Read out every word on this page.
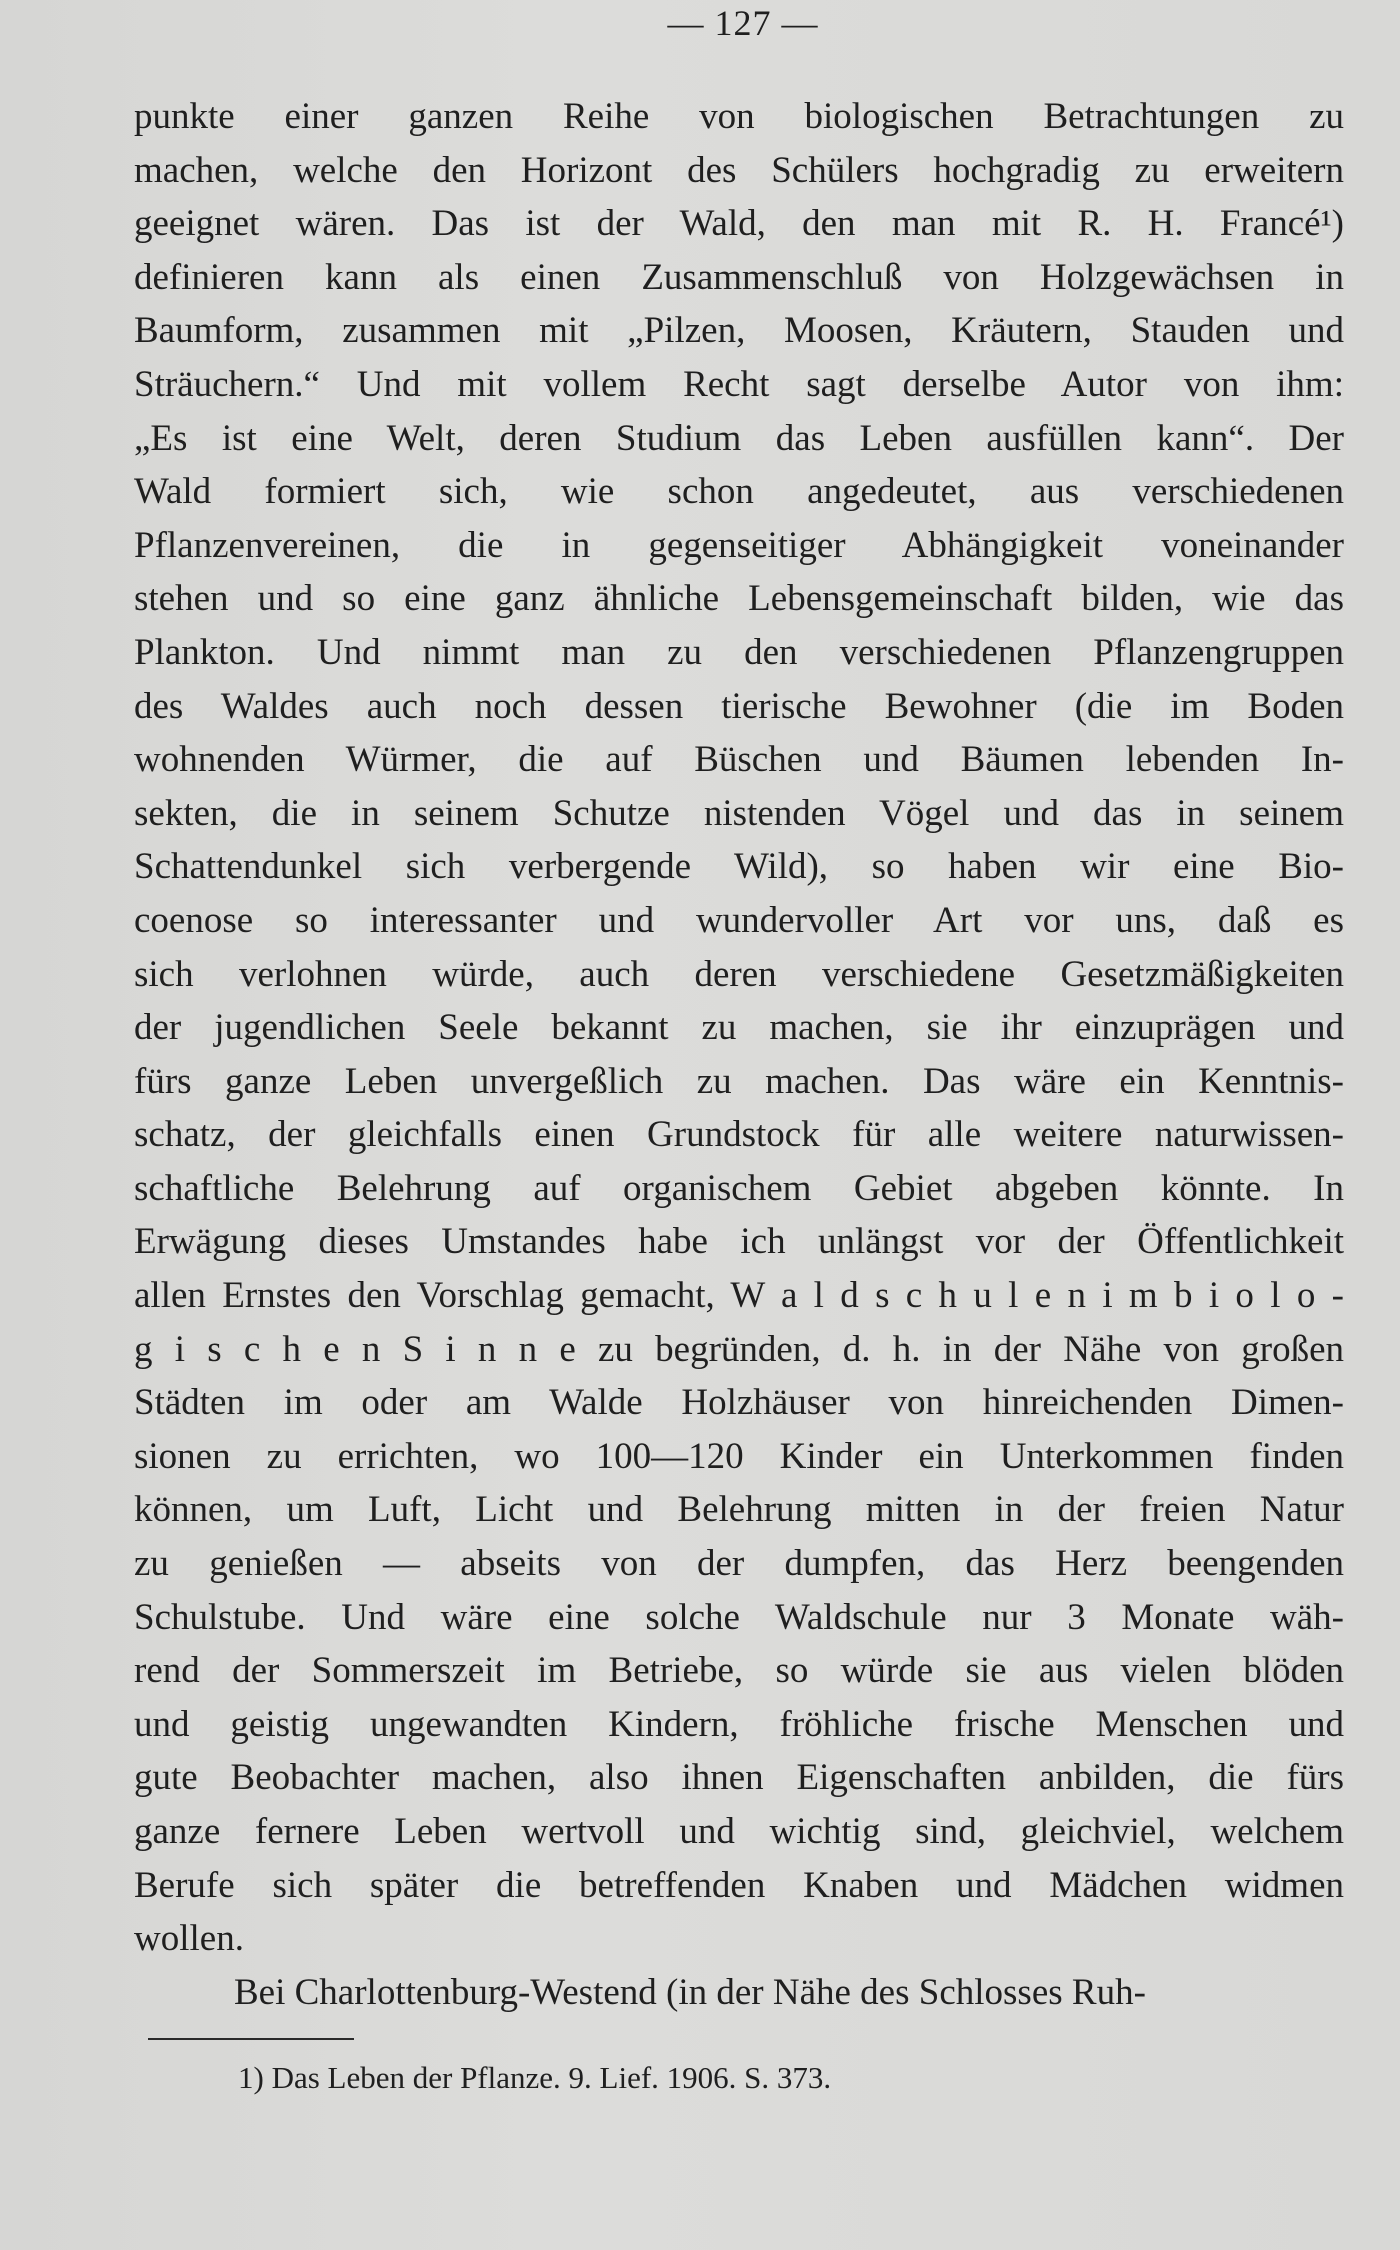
— 127 —
punkte einer ganzen Reihe von biologischen Betrachtungen zu
machen, welche den Horizont des Schülers hochgradig zu erweitern
geeignet wären. Das ist der Wald, den man mit R. H. Francé¹)
definieren kann als einen Zusammenschluß von Holzgewächsen in
Baumform, zusammen mit „Pilzen, Moosen, Kräutern, Stauden und
Sträuchern.“ Und mit vollem Recht sagt derselbe Autor von ihm:
„Es ist eine Welt, deren Studium das Leben ausfüllen kann“. Der
Wald formiert sich, wie schon angedeutet, aus verschiedenen
Pflanzenvereinen, die in gegenseitiger Abhängigkeit voneinander
stehen und so eine ganz ähnliche Lebensgemeinschaft bilden, wie das
Plankton. Und nimmt man zu den verschiedenen Pflanzengruppen
des Waldes auch noch dessen tierische Bewohner (die im Boden
wohnenden Würmer, die auf Büschen und Bäumen lebenden In-
sekten, die in seinem Schutze nistenden Vögel und das in seinem
Schattendunkel sich verbergende Wild), so haben wir eine Bio-
coenose so interessanter und wundervoller Art vor uns, daß es
sich verlohnen würde, auch deren verschiedene Gesetzmäßigkeiten
der jugendlichen Seele bekannt zu machen, sie ihr einzuprägen und
fürs ganze Leben unvergeßlich zu machen. Das wäre ein Kenntnis-
schatz, der gleichfalls einen Grundstock für alle weitere naturwissen-
schaftliche Belehrung auf organischem Gebiet abgeben könnte. In
Erwägung dieses Umstandes habe ich unlängst vor der Öffentlichkeit
allen Ernstes den Vorschlag gemacht, W a l d s c h u l e n i m b i o l o -
g i s c h e n S i n n e zu begründen, d. h. in der Nähe von großen
Städten im oder am Walde Holzhäuser von hinreichenden Dimen-
sionen zu errichten, wo 100—120 Kinder ein Unterkommen finden
können, um Luft, Licht und Belehrung mitten in der freien Natur
zu genießen — abseits von der dumpfen, das Herz beengenden
Schulstube. Und wäre eine solche Waldschule nur 3 Monate wäh-
rend der Sommerszeit im Betriebe, so würde sie aus vielen blöden
und geistig ungewandten Kindern, fröhliche frische Menschen und
gute Beobachter machen, also ihnen Eigenschaften anbilden, die fürs
ganze fernere Leben wertvoll und wichtig sind, gleichviel, welchem
Berufe sich später die betreffenden Knaben und Mädchen widmen
wollen.
Bei Charlottenburg-Westend (in der Nähe des Schlosses Ruh-
1) Das Leben der Pflanze. 9. Lief. 1906. S. 373.
